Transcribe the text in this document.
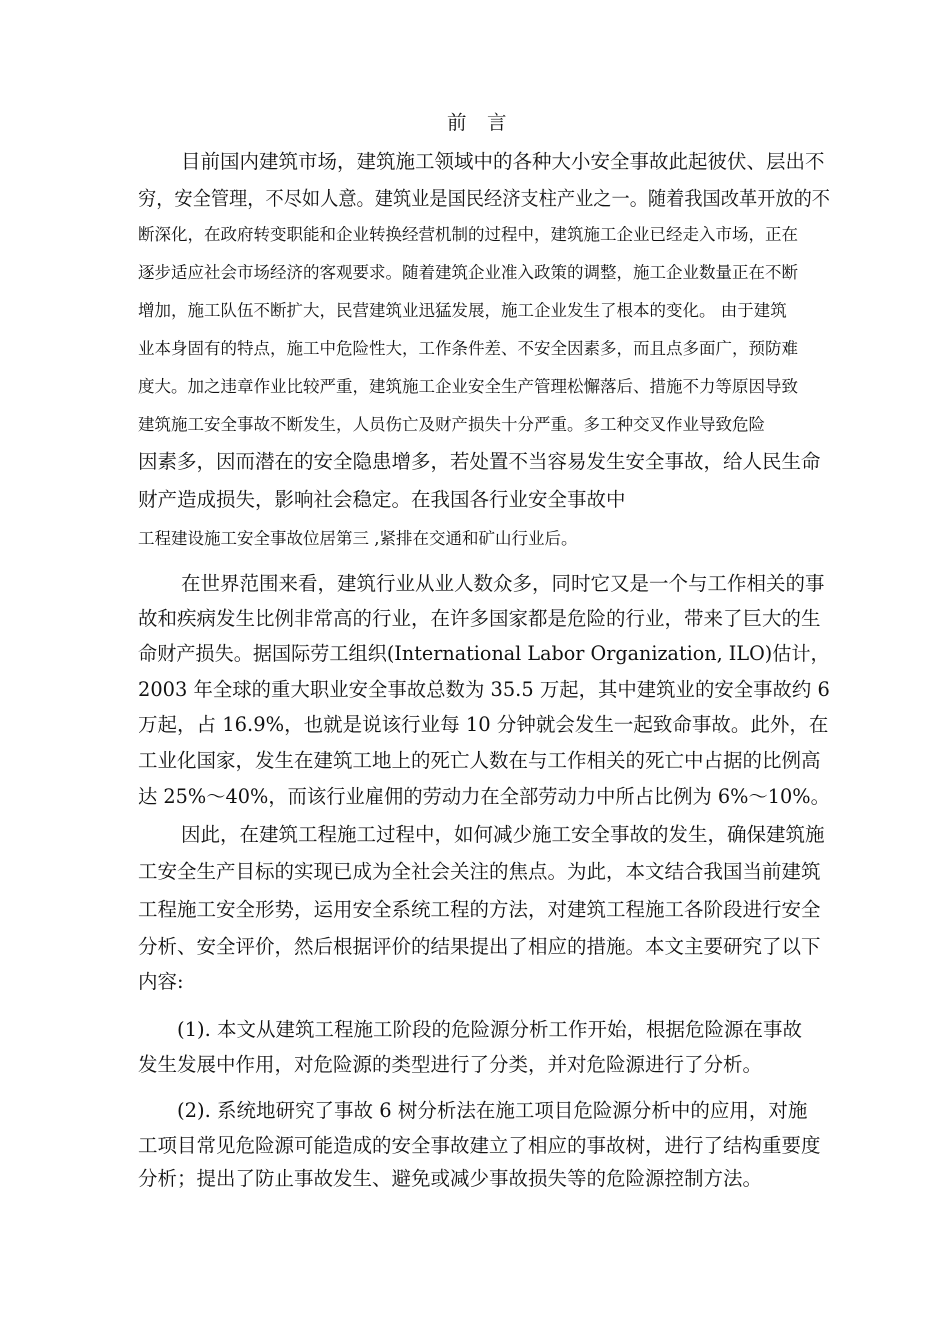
前　言
目前国内建筑市场，建筑施工领域中的各种大小安全事故此起彼伏、层出不
穷，安全管理，不尽如人意。建筑业是国民经济支柱产业之一。随着我国改革开放的不
断深化，在政府转变职能和企业转换经营机制的过程中，建筑施工企业已经走入市场，正在
逐步适应社会市场经济的客观要求。随着建筑企业准入政策的调整，施工企业数量正在不断
增加，施工队伍不断扩大，民营建筑业迅猛发展，施工企业发生了根本的变化。 由于建筑
业本身固有的特点，施工中危险性大，工作条件差、不安全因素多，而且点多面广，预防难
度大。加之违章作业比较严重，建筑施工企业安全生产管理松懈落后、措施不力等原因导致
建筑施工安全事故不断发生，人员伤亡及财产损失十分严重。多工种交叉作业导致危险
因素多，因而潜在的安全隐患增多，若处置不当容易发生安全事故，给人民生命
财产造成损失，影响社会稳定。在我国各行业安全事故中
工程建设施工安全事故位居第三 ,紧排在交通和矿山行业后。
在世界范围来看，建筑行业从业人数众多，同时它又是一个与工作相关的事
故和疾病发生比例非常高的行业，在许多国家都是危险的行业，带来了巨大的生
命财产损失。据国际劳工组织(International Labor Organization, ILO)估计，
2003 年全球的重大职业安全事故总数为 35.5 万起，其中建筑业的安全事故约 6
万起，占 16.9%，也就是说该行业每 10 分钟就会发生一起致命事故。此外，在
工业化国家，发生在建筑工地上的死亡人数在与工作相关的死亡中占据的比例高
达 25%～40%，而该行业雇佣的劳动力在全部劳动力中所占比例为 6%～10%。
因此，在建筑工程施工过程中，如何减少施工安全事故的发生，确保建筑施
工安全生产目标的实现已成为全社会关注的焦点。为此，本文结合我国当前建筑
工程施工安全形势，运用安全系统工程的方法，对建筑工程施工各阶段进行安全
分析、安全评价，然后根据评价的结果提出了相应的措施。本文主要研究了以下
内容:
(1). 本文从建筑工程施工阶段的危险源分析工作开始，根据危险源在事故
发生发展中作用，对危险源的类型进行了分类，并对危险源进行了分析。
(2). 系统地研究了事故 6 树分析法在施工项目危险源分析中的应用，对施
工项目常见危险源可能造成的安全事故建立了相应的事故树，进行了结构重要度
分析；提出了防止事故发生、避免或减少事故损失等的危险源控制方法。
